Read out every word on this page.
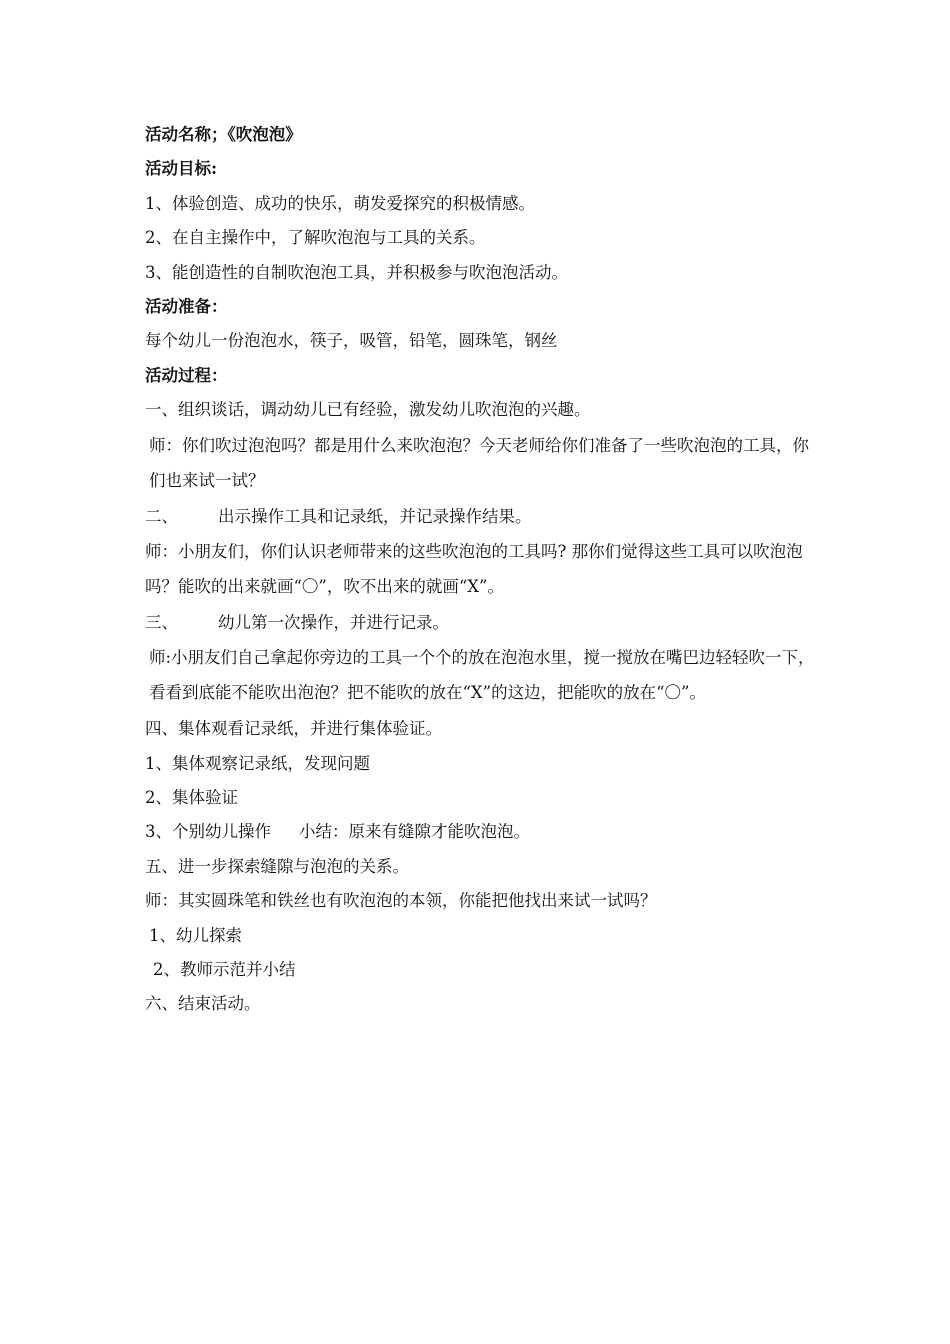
活动名称；《吹泡泡》
活动目标:
1、体验创造、成功的快乐，萌发爱探究的积极情感。
2、在自主操作中，了解吹泡泡与工具的关系。
3、能创造性的自制吹泡泡工具，并积极参与吹泡泡活动。
活动准备：
每个幼儿一份泡泡水，筷子，吸管，铅笔，圆珠笔，钢丝
活动过程：
一、组织谈话，调动幼儿已有经验，激发幼儿吹泡泡的兴趣。
师：你们吹过泡泡吗？都是用什么来吹泡泡？今天老师给你们准备了一些吹泡泡的工具，你们也来试一试？
二、 出示操作工具和记录纸，并记录操作结果。
师：小朋友们，你们认识老师带来的这些吹泡泡的工具吗? 那你们觉得这些工具可以吹泡泡吗？能吹的出来就画“〇”，吹不出来的就画“X”。
三、 幼儿第一次操作，并进行记录。
师:小朋友们自己拿起你旁边的工具一个个的放在泡泡水里，搅一搅放在嘴巴边轻轻吹一下，看看到底能不能吹出泡泡？把不能吹的放在“X”的这边，把能吹的放在“〇”。
四、集体观看记录纸，并进行集体验证。
1、集体观察记录纸，发现问题
2、集体验证
3、个别幼儿操作 小结：原来有缝隙才能吹泡泡。
五、进一步探索缝隙与泡泡的关系。
师：其实圆珠笔和铁丝也有吹泡泡的本领，你能把他找出来试一试吗？
1、幼儿探索
2、教师示范并小结
六、结束活动。
